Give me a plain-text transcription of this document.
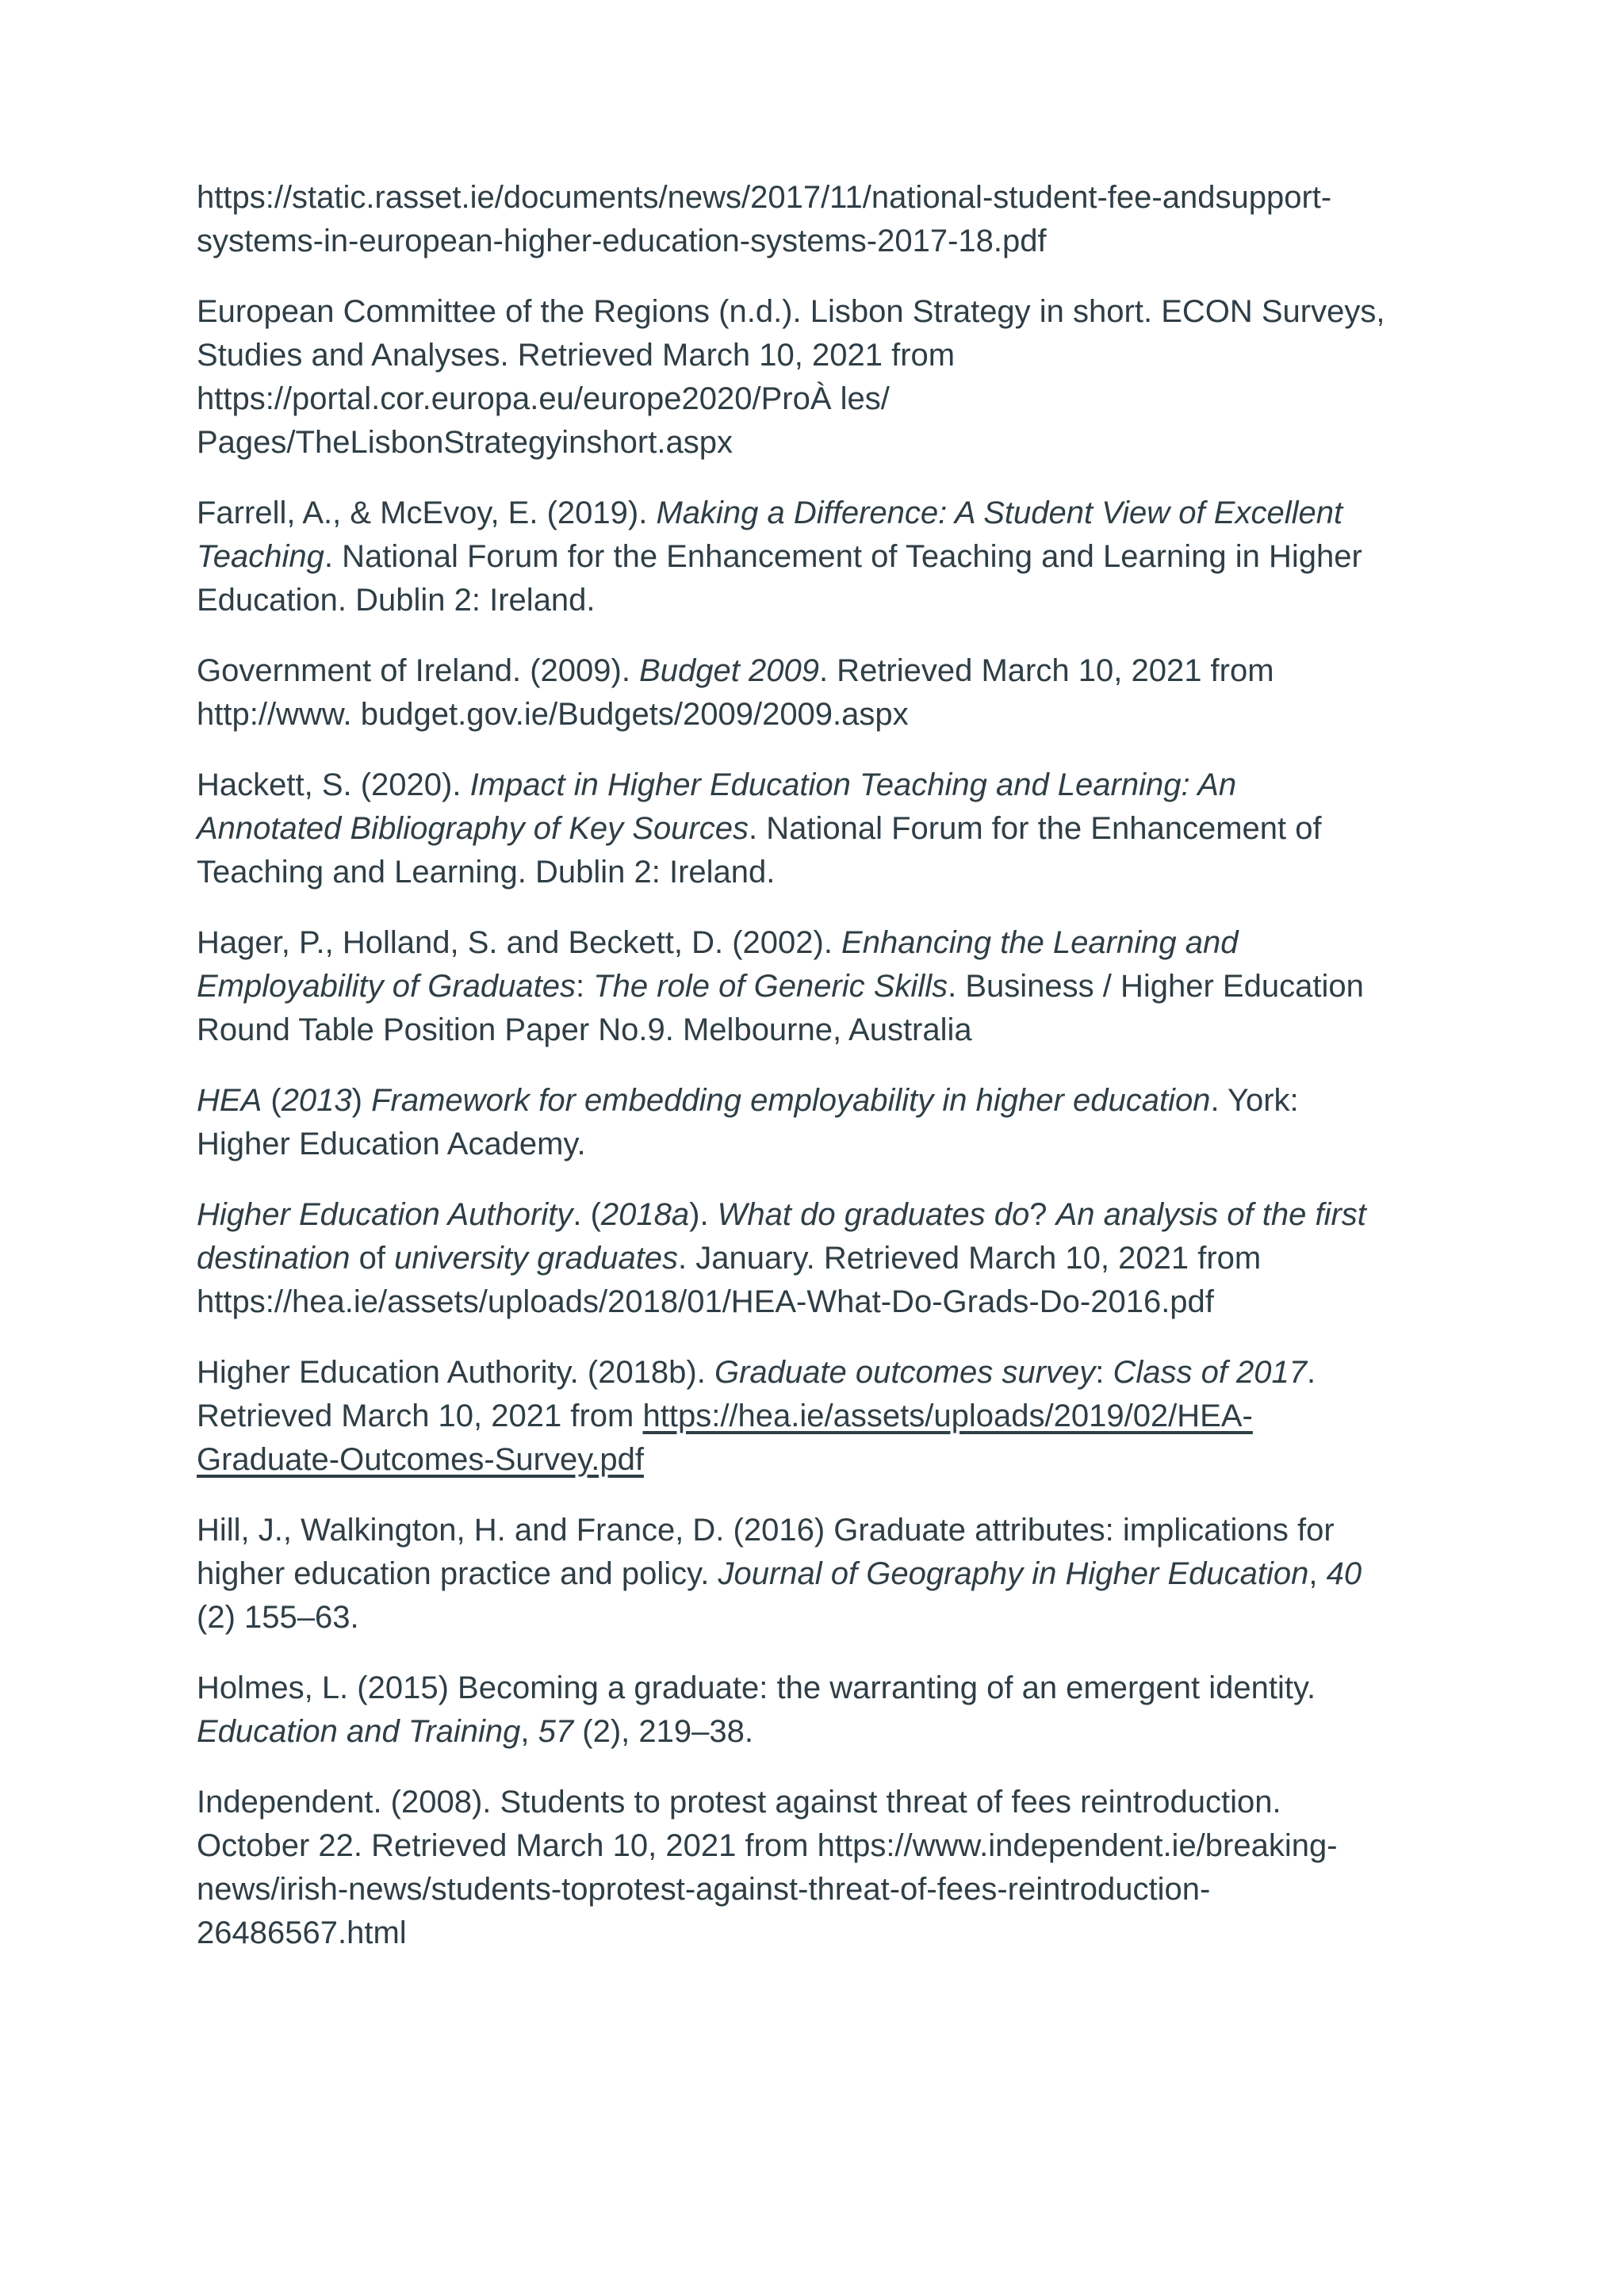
https://static.rasset.ie/documents/news/2017/11/national-student-fee-andsupport-
systems-in-european-higher-education-systems-2017-18.pdf

European Committee of the Regions (n.d.). Lisbon Strategy in short. ECON Surveys,
Studies and Analyses. Retrieved March 10, 2021 from
https://portal.cor.europa.eu/europe2020/ProÀ les/
Pages/TheLisbonStrategyinshort.aspx

Farrell, A., & McEvoy, E. (2019). Making a Difference: A Student View of Excellent
Teaching. National Forum for the Enhancement of Teaching and Learning in Higher
Education. Dublin 2: Ireland.

Government of Ireland. (2009). Budget 2009. Retrieved March 10, 2021 from
http://www. budget.gov.ie/Budgets/2009/2009.aspx

Hackett, S. (2020). Impact in Higher Education Teaching and Learning: An
Annotated Bibliography of Key Sources. National Forum for the Enhancement of
Teaching and Learning. Dublin 2: Ireland.

Hager, P., Holland, S. and Beckett, D. (2002). Enhancing the Learning and
Employability of Graduates: The role of Generic Skills. Business / Higher Education
Round Table Position Paper No.9. Melbourne, Australia

HEA (2013) Framework for embedding employability in higher education. York:
Higher Education Academy.

Higher Education Authority. (2018a). What do graduates do? An analysis of the first
destination of university graduates. January. Retrieved March 10, 2021 from
https://hea.ie/assets/uploads/2018/01/HEA-What-Do-Grads-Do-2016.pdf

Higher Education Authority. (2018b). Graduate outcomes survey: Class of 2017.
Retrieved March 10, 2021 from https://hea.ie/assets/uploads/2019/02/HEA-
Graduate-Outcomes-Survey.pdf

Hill, J., Walkington, H. and France, D. (2016) Graduate attributes: implications for
higher education practice and policy. Journal of Geography in Higher Education, 40
(2) 155–63.

Holmes, L. (2015) Becoming a graduate: the warranting of an emergent identity.
Education and Training, 57 (2), 219–38.

Independent. (2008). Students to protest against threat of fees reintroduction.
October 22. Retrieved March 10, 2021 from https://www.independent.ie/breaking-
news/irish-news/students-toprotest-against-threat-of-fees-reintroduction-
26486567.html
